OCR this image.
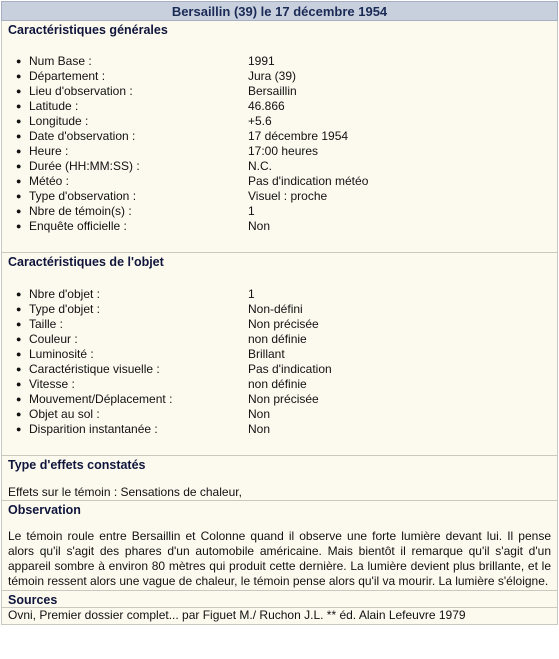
Bersaillin (39) le 17 décembre 1954
Caractéristiques générales
● Num Base :	1991
● Département :	Jura (39)
● Lieu d'observation :	Bersaillin
● Latitude :	46.866
● Longitude :	+5.6
● Date d'observation :	17 décembre 1954
● Heure :	17:00 heures
● Durée (HH:MM:SS) :	N.C.
● Météo :	Pas d'indication météo
● Type d'observation :	Visuel : proche
● Nbre de témoin(s) :	1
● Enquête officielle :	Non
Caractéristiques de l'objet
● Nbre d'objet :	1
● Type d'objet :	Non-défini
● Taille :	Non précisée
● Couleur :	non définie
● Luminosité :	Brillant
● Caractéristique visuelle :	Pas d'indication
● Vitesse :	non définie
● Mouvement/Déplacement :	Non précisée
● Objet au sol :	Non
● Disparition instantanée :	Non
Type d'effets constatés
Effets sur le témoin : Sensations de chaleur,
Observation
Le témoin roule entre Bersaillin et Colonne quand il observe une forte lumière devant lui. Il pense alors qu'il s'agit des phares d'un automobile américaine. Mais bientôt il remarque qu'il s'agit d'un appareil sombre à environ 80 mètres qui produit cette dernière. La lumière devient plus brillante, et le témoin ressent alors une vague de chaleur, le témoin pense alors qu'il va mourir. La lumière s'éloigne.
Sources
Ovni, Premier dossier complet... par Figuet M./ Ruchon J.L. ** éd. Alain Lefeuvre 1979
